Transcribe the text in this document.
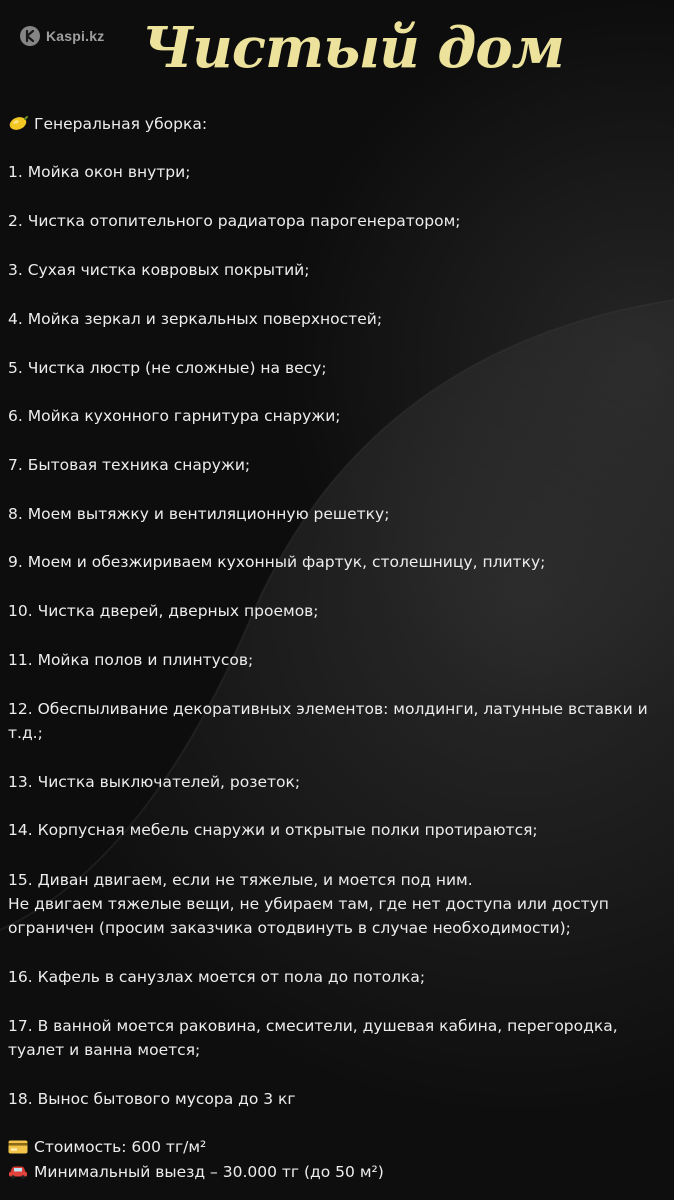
Kaspi.kz Чистый дом
Генеральная уборка:
1. Мойка окон внутри;
2. Чистка отопительного радиатора парогенератором;
3. Сухая чистка ковровых покрытий;
4. Мойка зеркал и зеркальных поверхностей;
5. Чистка люстр (не сложные) на весу;
6. Мойка кухонного гарнитура снаружи;
7. Бытовая техника снаружи;
8. Моем вытяжку и вентиляционную решетку;
9. Моем и обезжириваем кухонный фартук, столешницу, плитку;
10. Чистка дверей, дверных проемов;
11. Мойка полов и плинтусов;
12. Обеспыливание декоративных элементов: молдинги, латунные вставки и т.д.;
13. Чистка выключателей, розеток;
14. Корпусная мебель снаружи и открытые полки протираются;
15. Диван двигаем, если не тяжелые, и моется под ним.
Не двигаем тяжелые вещи, не убираем там, где нет доступа или доступ ограничен (просим заказчика отодвинуть в случае необходимости);
16. Кафель в санузлах моется от пола до потолка;
17. В ванной моется раковина, смесители, душевая кабина, перегородка, туалет и ванна моется;
18. Вынос бытового мусора до 3 кг
Стоимость: 600 тг/м²
Минимальный выезд – 30.000 тг (до 50 м²)
